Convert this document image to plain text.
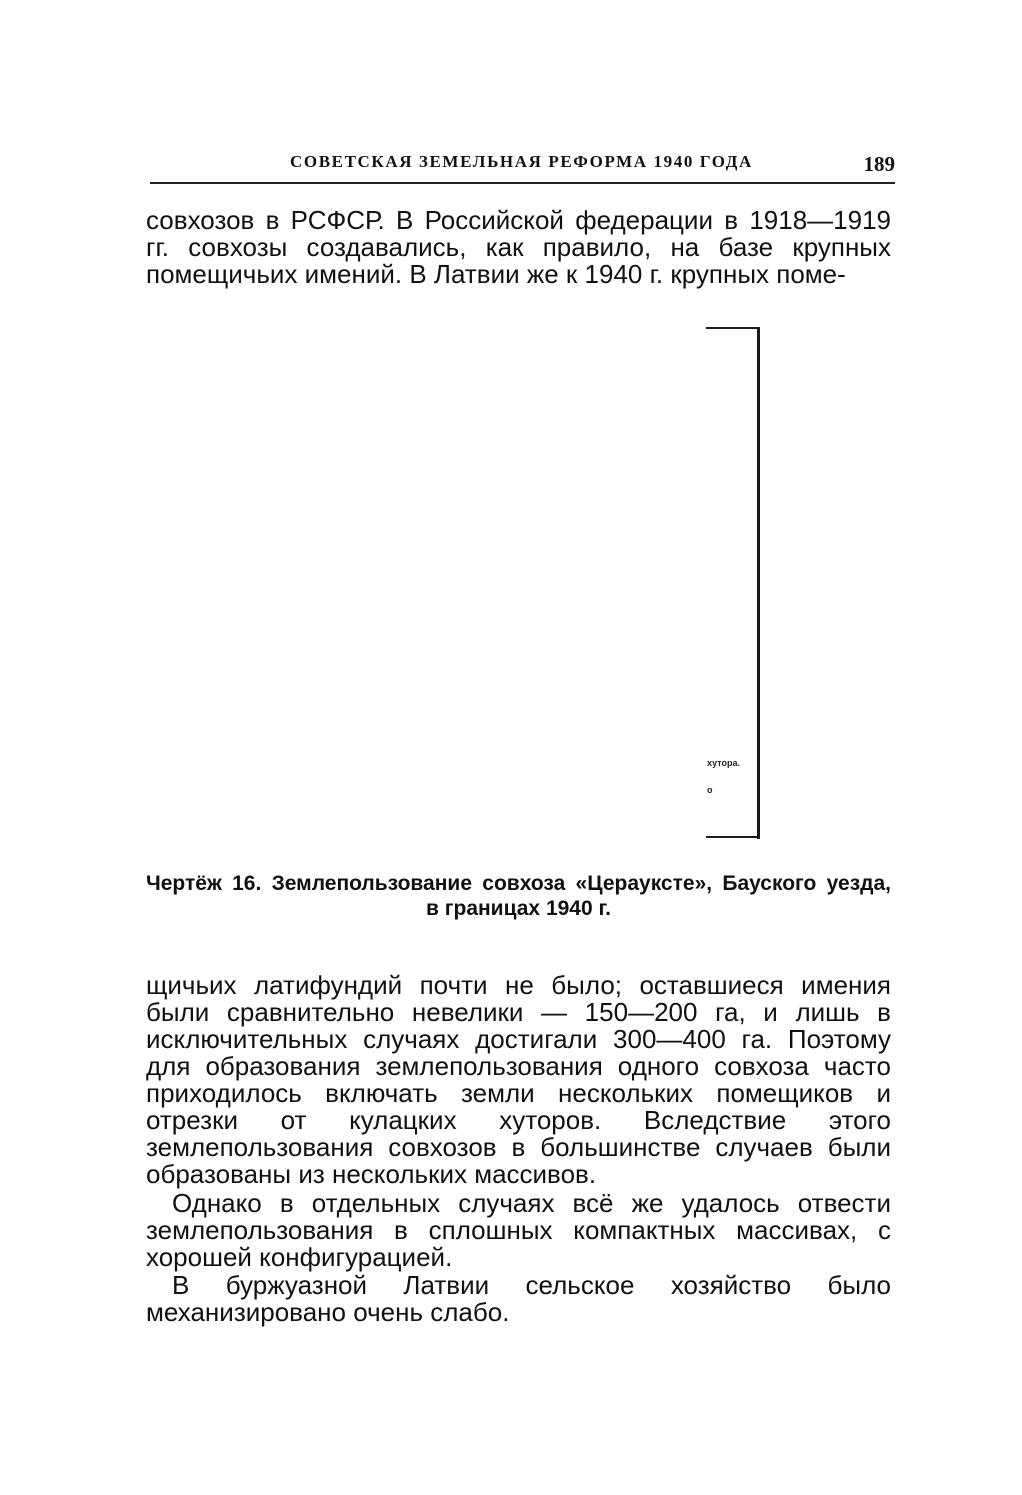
СОВЕТСКАЯ ЗЕМЕЛЬНАЯ РЕФОРМА 1940 ГОДА	189

совхозов в РСФСР. В Российской федерации в 1918—1919 гг. совхозы создавались, как правило, на базе крупных помещичьих имений. В Латвии же к 1940 г. крупных поме-

хутора.
о
Чертёж 16. Землепользование совхоза «Цераукстe», Бауского уезда,
в границах 1940 г.

щичьих латифундий почти не было; оставшиеся имения были сравнительно невелики — 150—200 га, и лишь в исключительных случаях достигали 300—400 га. Поэтому для образования землепользования одного совхоза часто приходилось включать земли нескольких помещиков и отрезки от кулацких хуторов. Вследствие этого землепользования совхозов в большинстве случаев были образованы из нескольких массивов.

Однако в отдельных случаях всё же удалось отвести землепользования в сплошных компактных массивах, с хорошей конфигурацией.

В буржуазной Латвии сельское хозяйство было механизировано очень слабо.
